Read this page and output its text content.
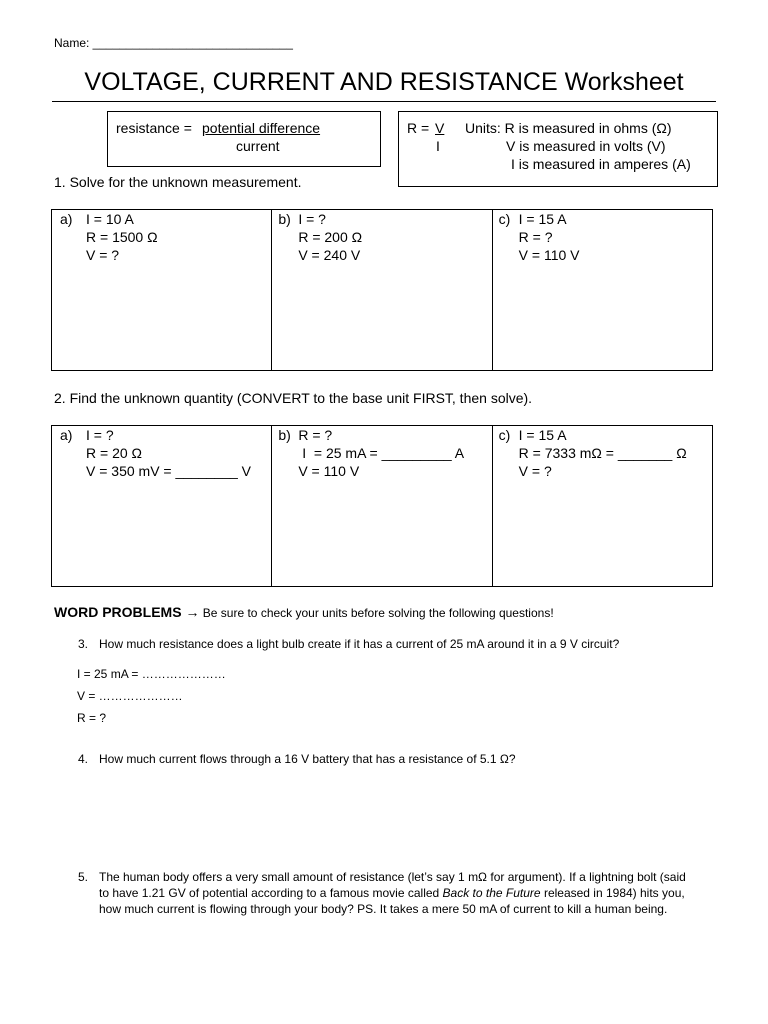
Name: ______________________________
VOLTAGE, CURRENT AND RESISTANCE Worksheet
resistance = potential difference
current
R = V
I
Units: R is measured in ohms (Ω)
V is measured in volts (V)
I is measured in amperes (A)
1. Solve for the unknown measurement.
a) I = 10 A
R = 1500 Ω
V = ?
b) I = ?
R = 200 Ω
V = 240 V
c) I = 15 A
R = ?
V = 110 V
2. Find the unknown quantity (CONVERT to the base unit FIRST, then solve).
a) I = ?
R = 20 Ω
V = 350 mV = ________ V
b) R = ?
I  = 25 mA = _________ A
V = 110 V
c) I = 15 A
R = 7333 mΩ = _______ Ω
V = ?
WORD PROBLEMS → Be sure to check your units before solving the following questions!
3. How much resistance does a light bulb create if it has a current of 25 mA around it in a 9 V circuit?
I = 25 mA = …………………
V = …………………
R = ?
4. How much current flows through a 16 V battery that has a resistance of 5.1 Ω?
5. The human body offers a very small amount of resistance (let’s say 1 mΩ for argument). If a lightning bolt (said to have 1.21 GV of potential according to a famous movie called Back to the Future released in 1984) hits you, how much current is flowing through your body? PS. It takes a mere 50 mA of current to kill a human being.
